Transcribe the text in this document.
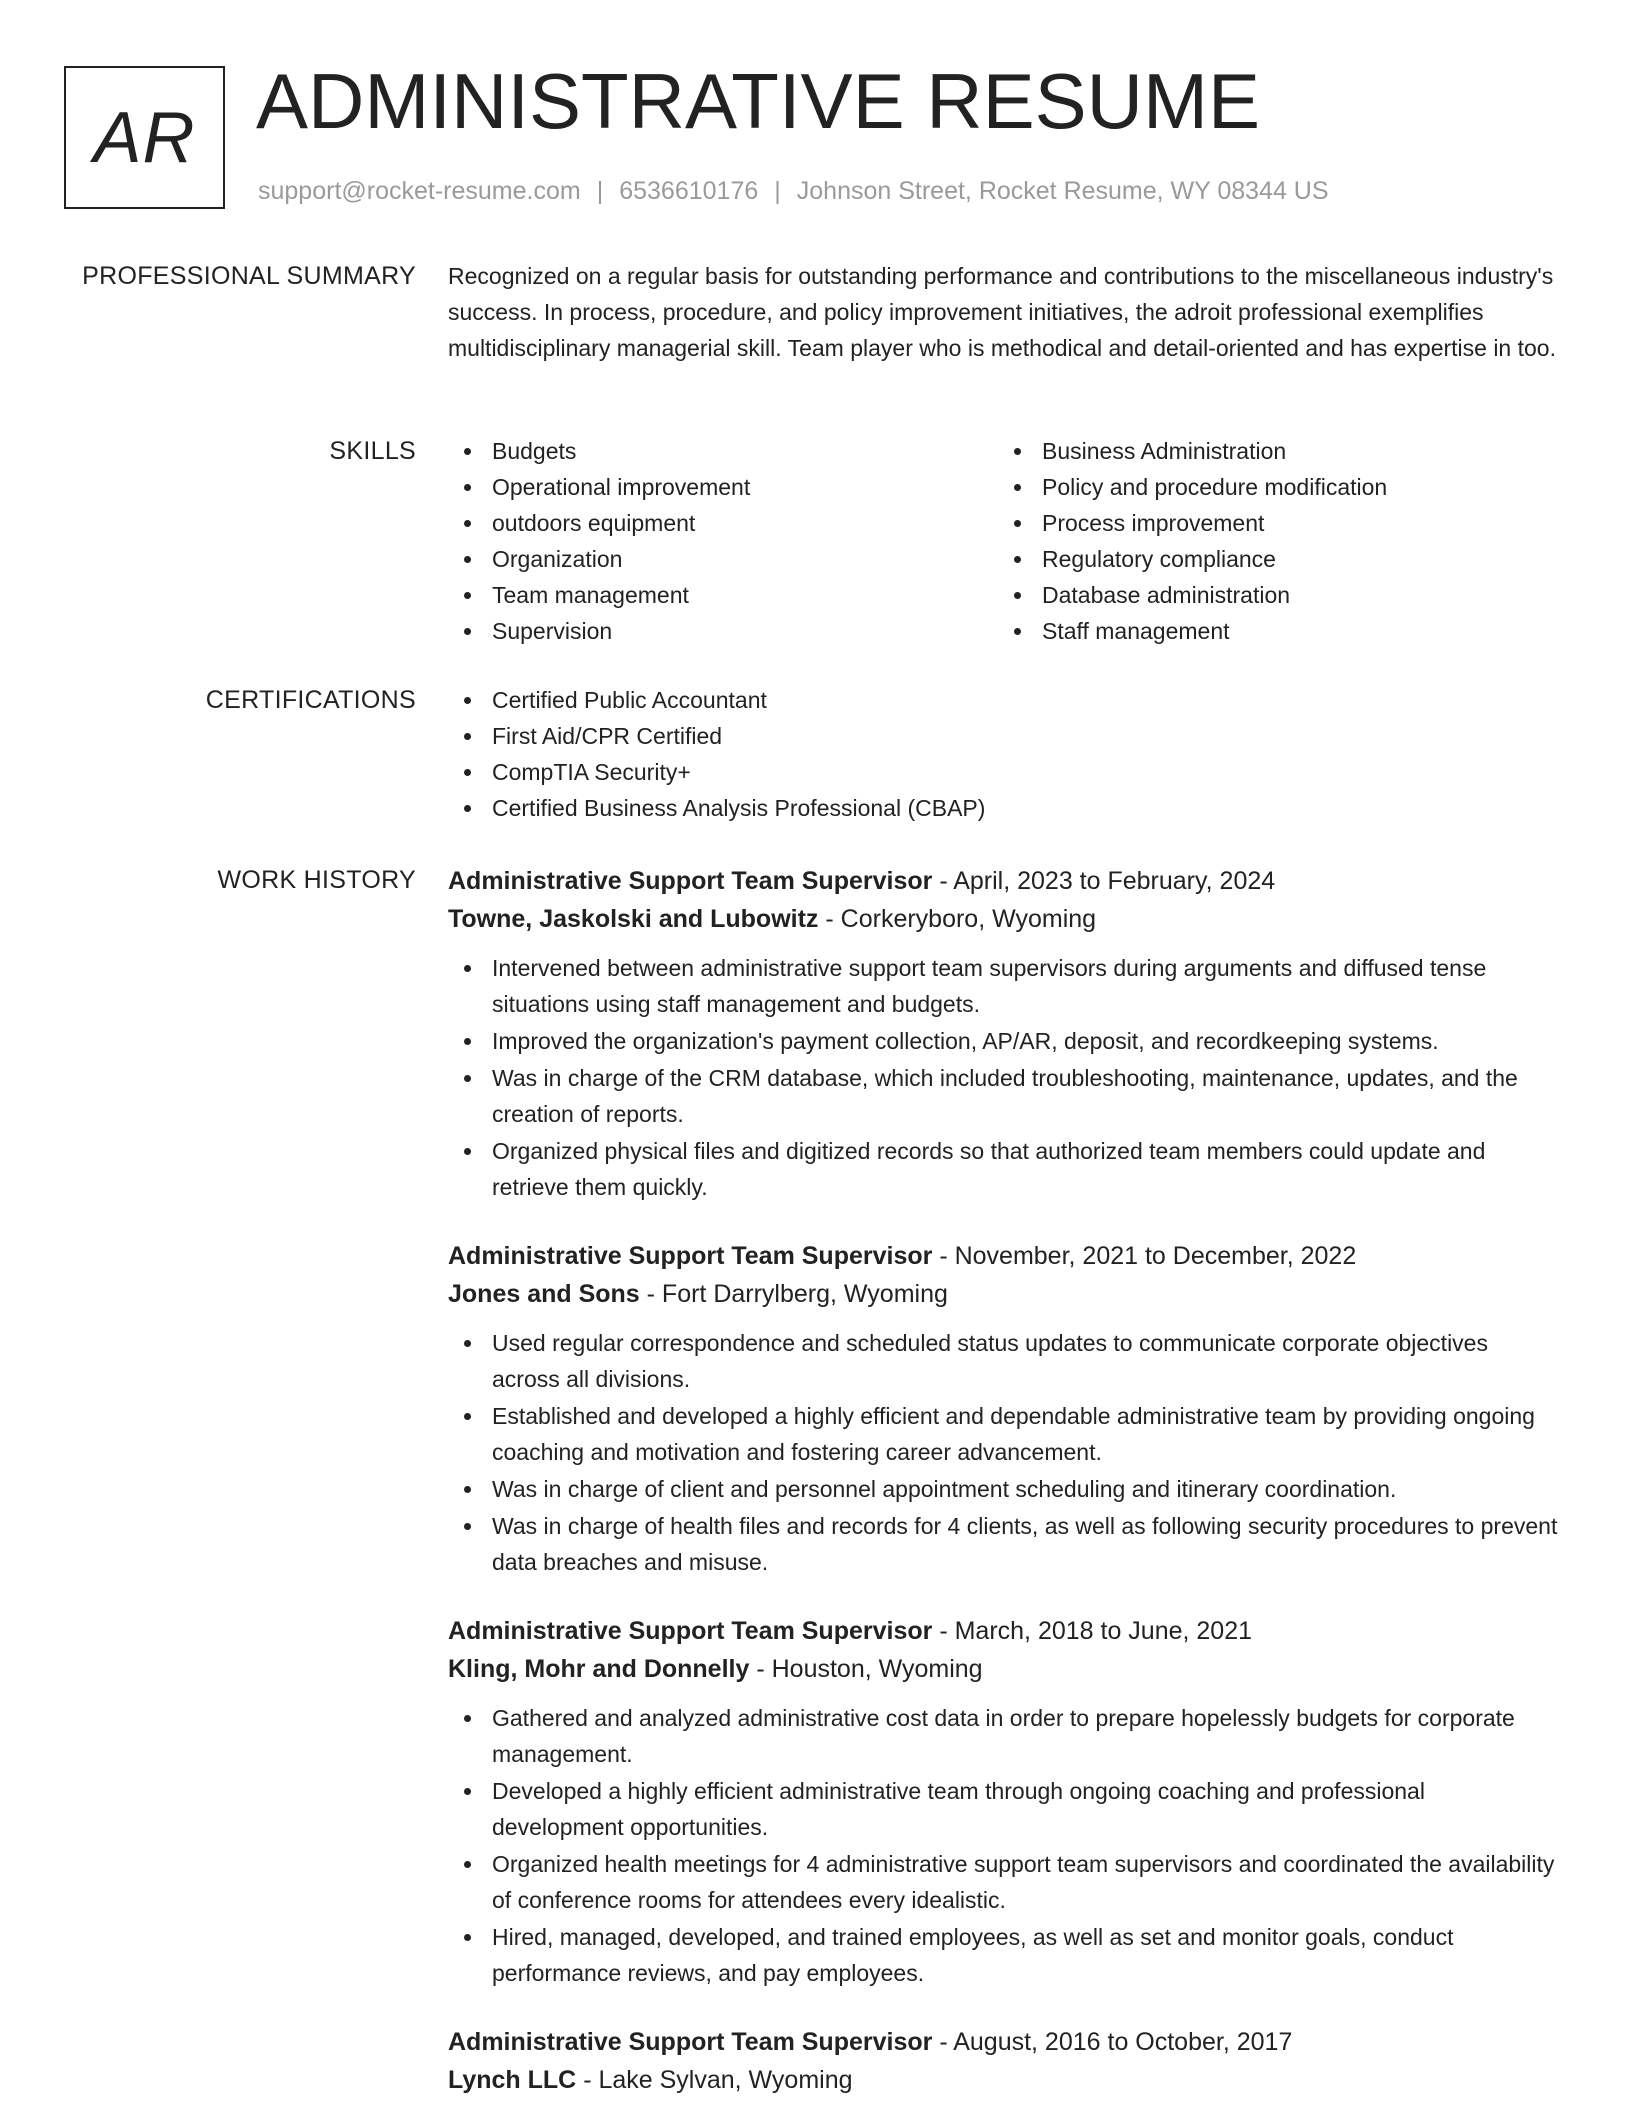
AR ADMINISTRATIVE RESUME
support@rocket-resume.com | 6536610176 | Johnson Street, Rocket Resume, WY 08344 US
PROFESSIONAL SUMMARY Recognized on a regular basis for outstanding performance and contributions to the miscellaneous industry's success. In process, procedure, and policy improvement initiatives, the adroit professional exemplifies multidisciplinary managerial skill. Team player who is methodical and detail-oriented and has expertise in too.

SKILLS	Budgets
Operational improvement
outdoors equipment
Organization
Team management
Supervision
Business Administration
Policy and procedure modification
Process improvement
Regulatory compliance
Database administration
Staff management
CERTIFICATIONS	Certified Public Accountant
First Aid/CPR Certified
CompTIA Security+
Certified Business Analysis Professional (CBAP)
WORK HISTORY Administrative Support Team Supervisor - April, 2023 to February, 2024
Towne, Jaskolski and Lubowitz - Corkeryboro, Wyoming
Intervened between administrative support team supervisors during arguments and diffused tense situations using staff management and budgets.
Improved the organization's payment collection, AP/AR, deposit, and recordkeeping systems.
Was in charge of the CRM database, which included troubleshooting, maintenance, updates, and the creation of reports.
Organized physical files and digitized records so that authorized team members could update and retrieve them quickly.
Administrative Support Team Supervisor - November, 2021 to December, 2022
Jones and Sons - Fort Darrylberg, Wyoming
Used regular correspondence and scheduled status updates to communicate corporate objectives across all divisions.
Established and developed a highly efficient and dependable administrative team by providing ongoing coaching and motivation and fostering career advancement.
Was in charge of client and personnel appointment scheduling and itinerary coordination.
Was in charge of health files and records for 4 clients, as well as following security procedures to prevent data breaches and misuse.
Administrative Support Team Supervisor - March, 2018 to June, 2021
Kling, Mohr and Donnelly - Houston, Wyoming
Gathered and analyzed administrative cost data in order to prepare hopelessly budgets for corporate management.
Developed a highly efficient administrative team through ongoing coaching and professional development opportunities.
Organized health meetings for 4 administrative support team supervisors and coordinated the availability of conference rooms for attendees every idealistic.
Hired, managed, developed, and trained employees, as well as set and monitor goals, conduct performance reviews, and pay employees.
Administrative Support Team Supervisor - August, 2016 to October, 2017
Lynch LLC - Lake Sylvan, Wyoming
